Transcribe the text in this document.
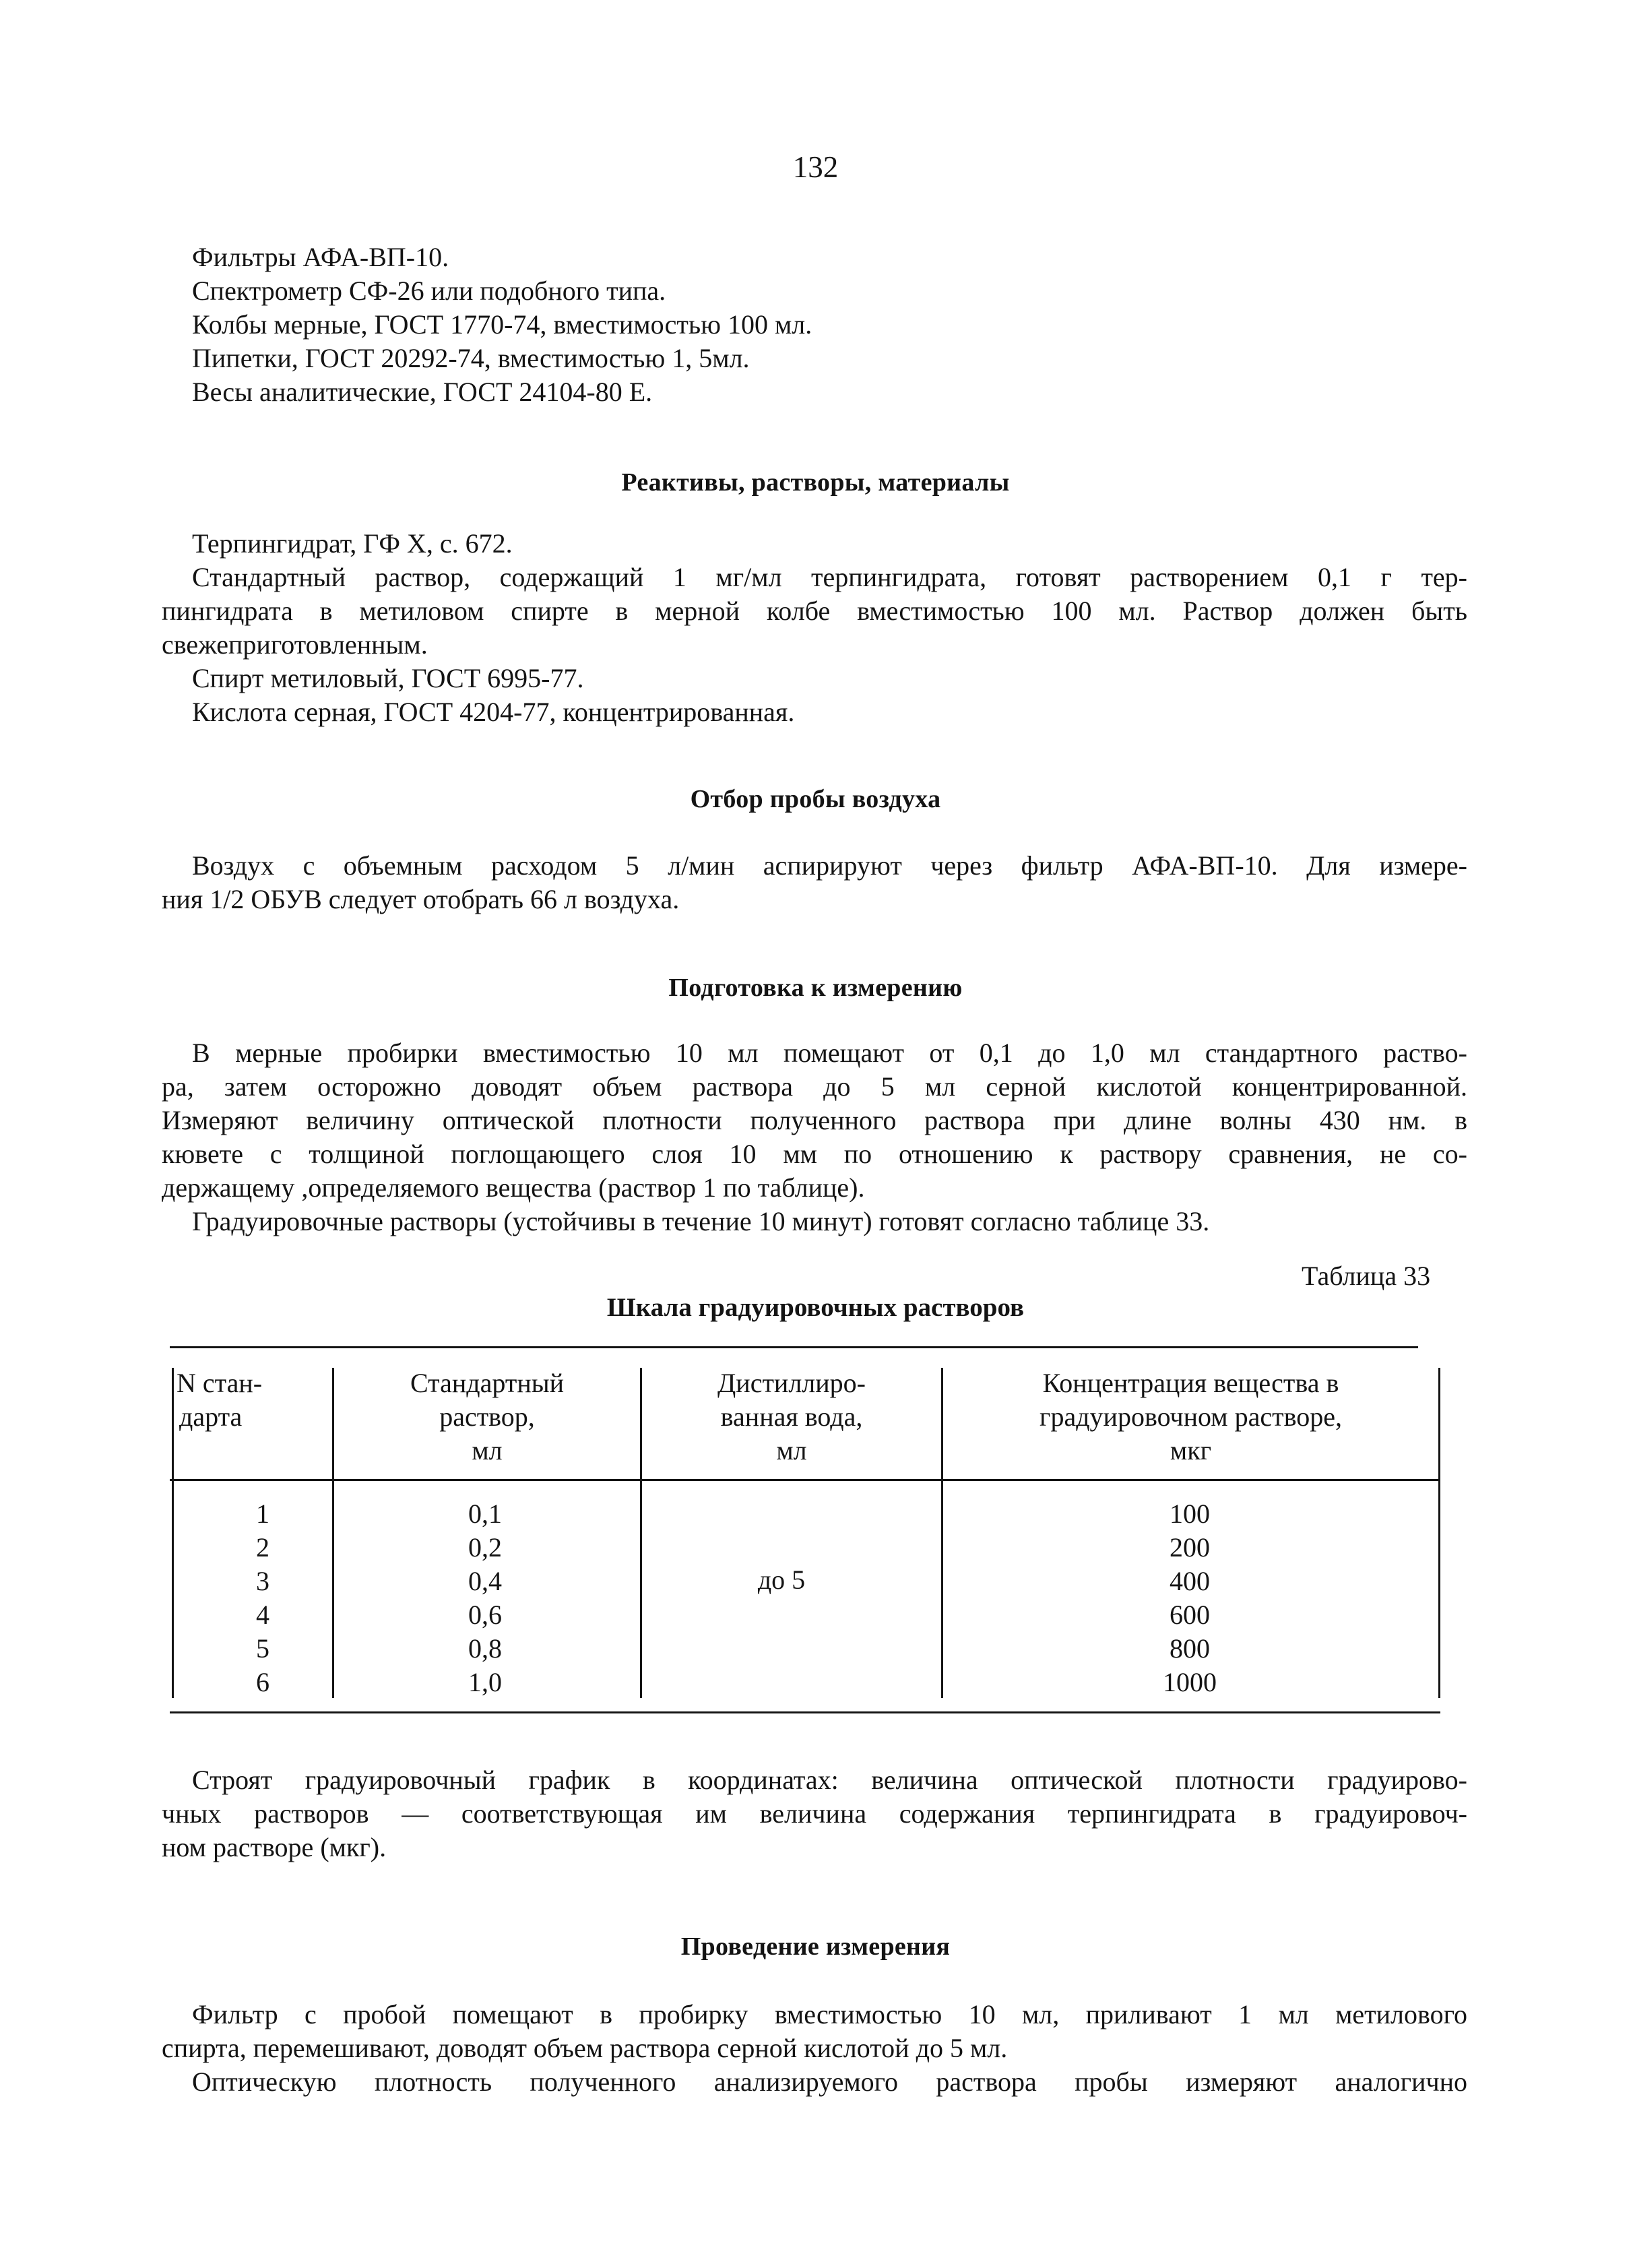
132
Фильтры АФА-ВП-10.
Спектрометр СФ-26 или подобного типа.
Колбы мерные, ГОСТ 1770-74, вместимостью 100 мл.
Пипетки, ГОСТ 20292-74, вместимостью 1, 5мл.
Весы аналитические, ГОСТ 24104-80 Е.
Реактивы, растворы, материалы
Терпингидрат, ГФ X, с. 672.
Стандартный раствор, содержащий 1 мг/мл терпингидрата, готовят растворением 0,1 г тер-
пингидрата в метиловом спирте в мерной колбе вместимостью 100 мл. Раствор должен быть
свежеприготовленным.
Спирт метиловый, ГОСТ 6995-77.
Кислота серная, ГОСТ 4204-77, концентрированная.
Отбор пробы воздуха
Воздух с объемным расходом 5 л/мин аспирируют через фильтр АФА-ВП-10. Для измере-
ния 1/2 ОБУВ следует отобрать 66 л воздуха.
Подготовка к измерению
В мерные пробирки вместимостью 10 мл помещают от 0,1 до 1,0 мл стандартного раство-
ра, затем осторожно доводят объем раствора до 5 мл серной кислотой концентрированной.
Измеряют величину оптической плотности полученного раствора при длине волны 430 нм. в
кювете с толщиной поглощающего слоя 10 мм по отношению к раствору сравнения, не со-
держащему ,определяемого вещества (раствор 1 по таблице).
Градуировочные растворы (устойчивы в течение 10 минут) готовят согласно таблице 33.
Таблица 33
Шкала градуировочных растворов
N стан-
дарта
Стандартный
раствор,
мл
Дистиллиро-
ванная вода,
мл
Концентрация вещества в
градуировочном растворе,
мкг
1
2
3
4
5
6
0,1
0,2
0,4
0,6
0,8
1,0
до 5
100
200
400
600
800
1000
Строят градуировочный график в координатах: величина оптической плотности градуирово-
чных растворов — соответствующая им величина содержания терпингидрата в градуировоч-
ном растворе (мкг).
Проведение измерения
Фильтр с пробой помещают в пробирку вместимостью 10 мл, приливают 1 мл метилового
спирта, перемешивают, доводят объем раствора серной кислотой до 5 мл.
Оптическую плотность полученного анализируемого раствора пробы измеряют аналогично
